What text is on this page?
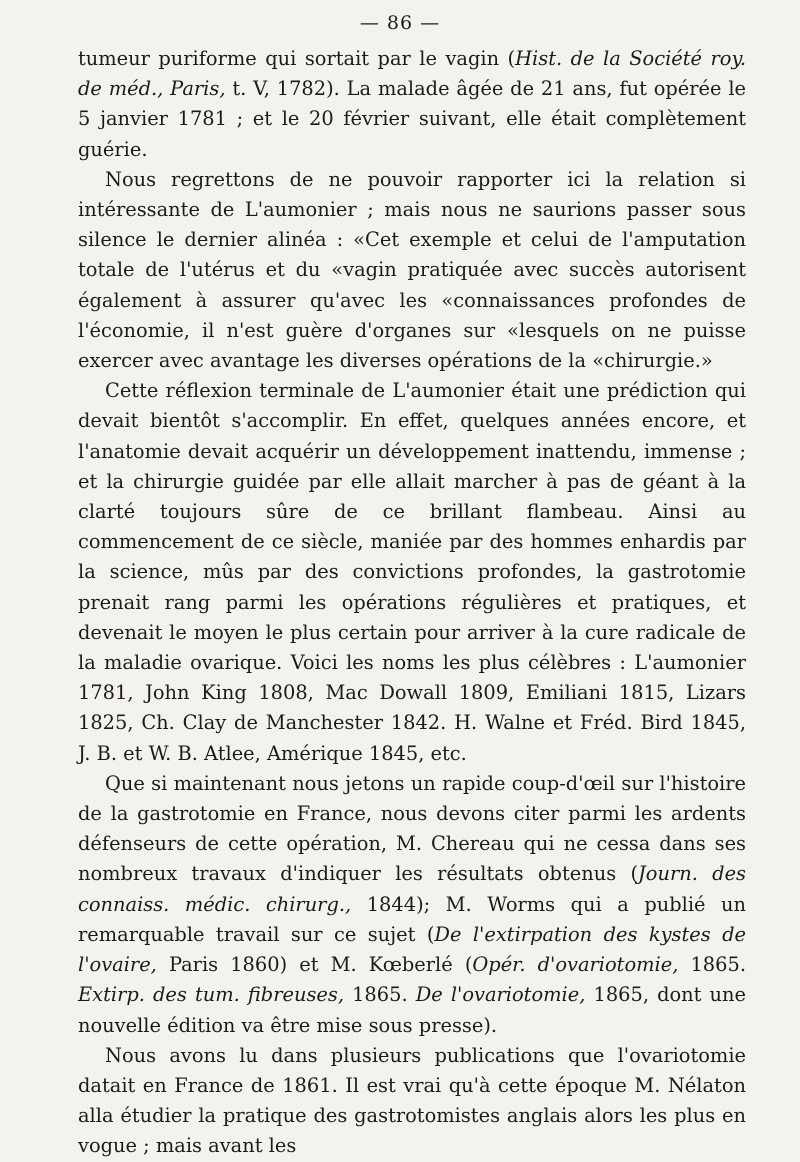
— 86 —

tumeur puriforme qui sortait par le vagin (Hist. de la Société roy. de méd., Paris, t. V, 1782). La malade âgée de 21 ans, fut opérée le 5 janvier 1781 ; et le 20 février suivant, elle était complètement guérie.

Nous regrettons de ne pouvoir rapporter ici la relation si intéressante de L'aumonier ; mais nous ne saurions passer sous silence le dernier alinéa : «Cet exemple et celui de l'amputation totale de l'utérus et du «vagin pratiquée avec succès autorisent également à assurer qu'avec les «connaissances profondes de l'économie, il n'est guère d'organes sur «lesquels on ne puisse exercer avec avantage les diverses opérations de la «chirurgie.»

Cette réflexion terminale de L'aumonier était une prédiction qui devait bientôt s'accomplir. En effet, quelques années encore, et l'anatomie devait acquérir un développement inattendu, immense ; et la chirurgie guidée par elle allait marcher à pas de géant à la clarté toujours sûre de ce brillant flambeau. Ainsi au commencement de ce siècle, maniée par des hommes enhardis par la science, mûs par des convictions profondes, la gastrotomie prenait rang parmi les opérations régulières et pratiques, et devenait le moyen le plus certain pour arriver à la cure radicale de la maladie ovarique. Voici les noms les plus célèbres : L'aumonier 1781, John King 1808, Mac Dowall 1809, Emiliani 1815, Lizars 1825, Ch. Clay de Manchester 1842. H. Walne et Fréd. Bird 1845, J. B. et W. B. Atlee, Amérique 1845, etc.

Que si maintenant nous jetons un rapide coup-d'œil sur l'histoire de la gastrotomie en France, nous devons citer parmi les ardents défenseurs de cette opération, M. Chereau qui ne cessa dans ses nombreux travaux d'indiquer les résultats obtenus (Journ. des connaiss. médic. chirurg., 1844); M. Worms qui a publié un remarquable travail sur ce sujet (De l'extirpation des kystes de l'ovaire, Paris 1860) et M. Kœberlé (Opér. d'ovariotomie, 1865. Extirp. des tum. fibreuses, 1865. De l'ovariotomie, 1865, dont une nouvelle édition va être mise sous presse).

Nous avons lu dans plusieurs publications que l'ovariotomie datait en France de 1861. Il est vrai qu'à cette époque M. Nélaton alla étudier la pratique des gastrotomistes anglais alors les plus en vogue ; mais avant les
